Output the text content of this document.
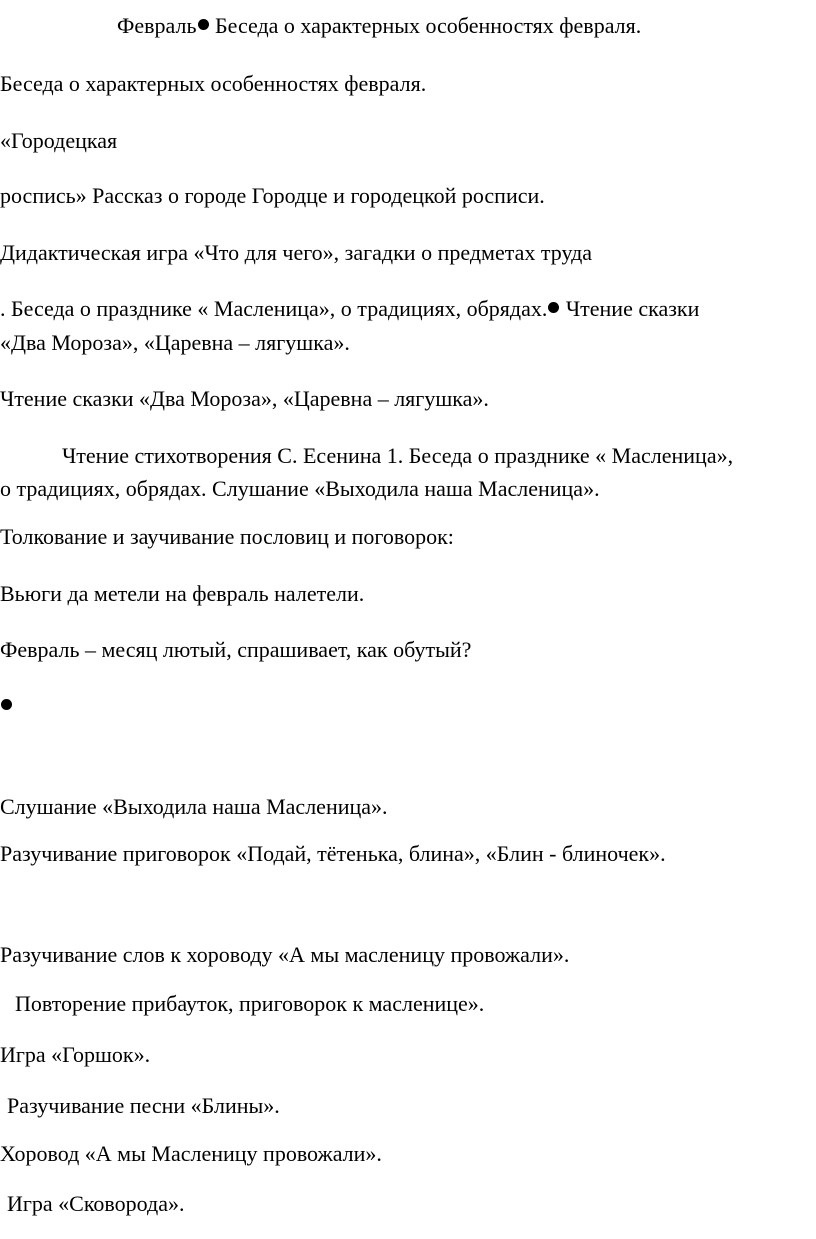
Февраль Беседа о характерных особенностях февраля.
Беседа о характерных особенностях февраля.
«Городецкая
роспись» Рассказ о городе Городце и городецкой росписи.
Дидактическая игра «Что для чего», загадки о предметах труда
. Беседа о празднике « Масленица», о традициях, обрядах. Чтение сказки
«Два Мороза», «Царевна – лягушка».
Чтение сказки «Два Мороза», «Царевна – лягушка».
Чтение стихотворения С. Есенина 1. Беседа о празднике « Масленица»,
о традициях, обрядах. Слушание «Выходила наша Масленица».
Толкование и заучивание пословиц и поговорок:
Вьюги да метели на февраль налетели.
Февраль – месяц лютый, спрашивает, как обутый?
Слушание «Выходила наша Масленица».
Разучивание приговорок «Подай, тётенька, блина», «Блин - блиночек».
Разучивание слов к хороводу «А мы масленицу провожали».
Повторение прибауток, приговорок к масленице».
Игра «Горшок».
Разучивание песни «Блины».
Хоровод «А мы Масленицу провожали».
Игра «Сковорода».
